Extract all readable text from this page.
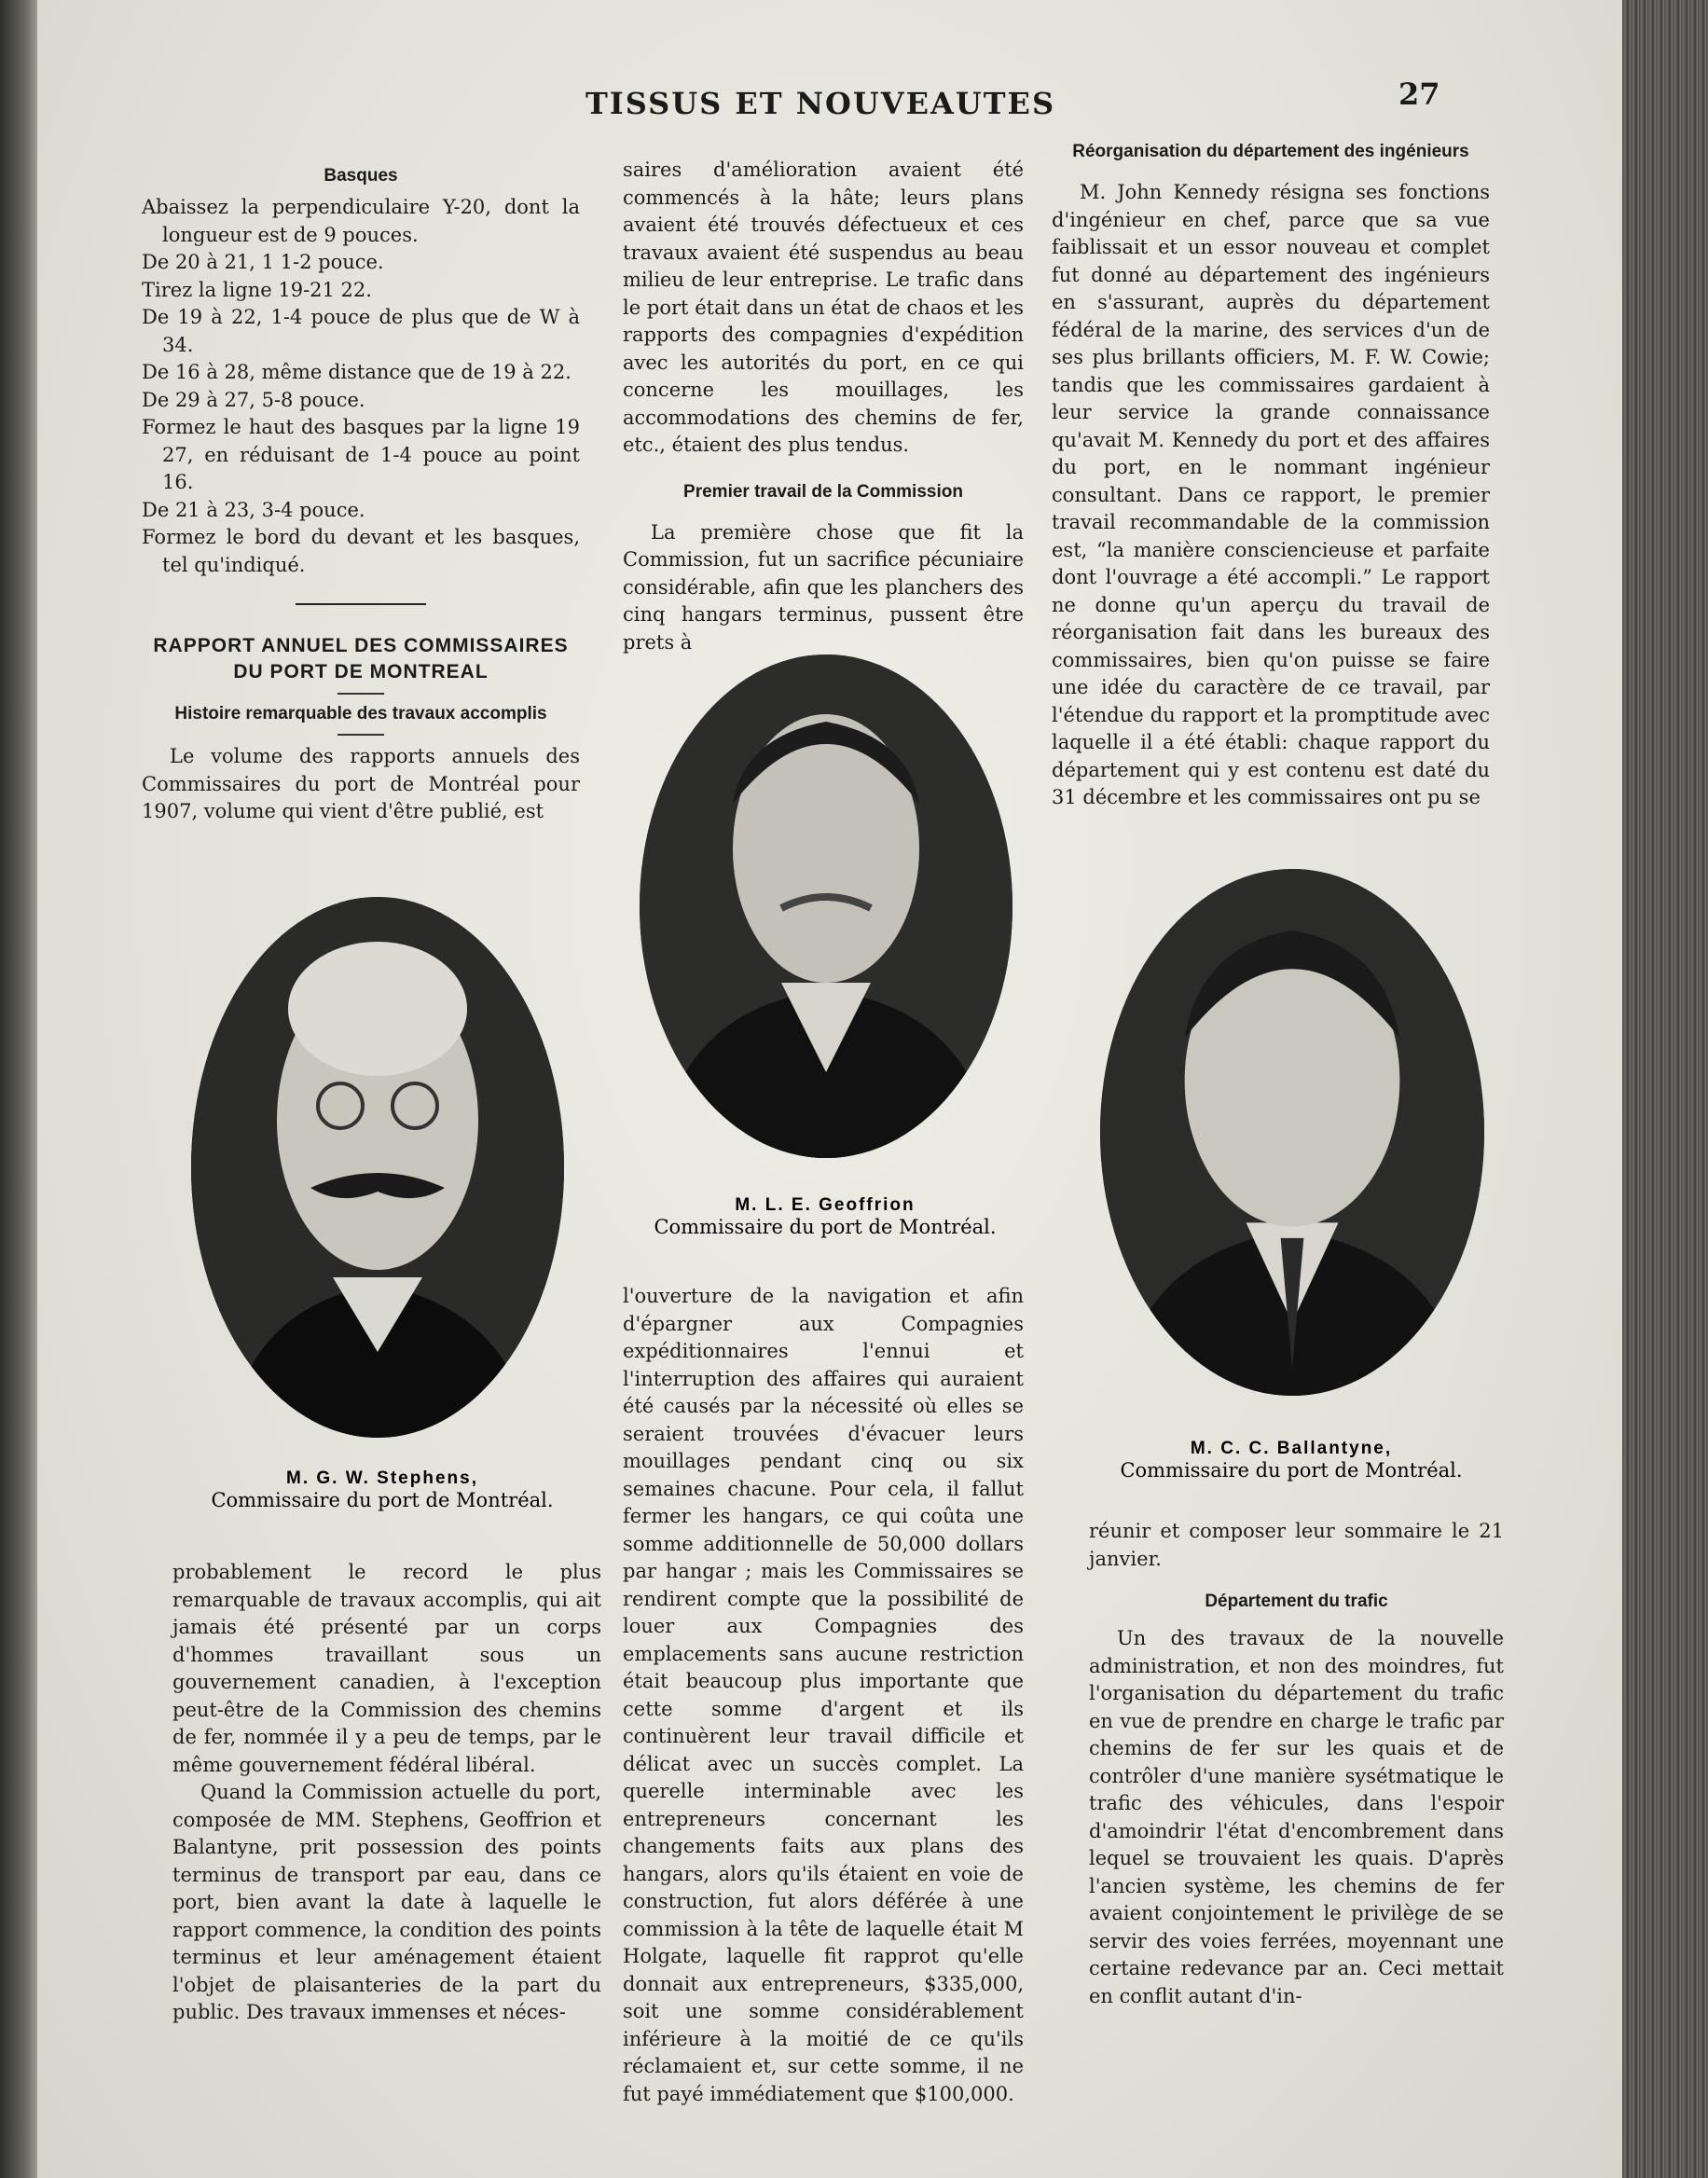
TISSUS ET NOUVEAUTES	27
Basques

Abaissez la perpendiculaire Y-20, dont la longueur est de 9 pouces.

De 20 à 21, 1 1-2 pouce.

Tirez la ligne 19-21 22.

De 19 à 22, 1-4 pouce de plus que de W à 34.

De 16 à 28, même distance que de 19 à 22.

De 29 à 27, 5-8 pouce.

Formez le haut des basques par la ligne 19 27, en réduisant de 1-4 pouce au point 16.

De 21 à 23, 3-4 pouce.

Formez le bord du devant et les basques, tel qu'indiqué.

RAPPORT ANNUEL DES COMMISSAIRES DU PORT DE MONTREAL
Histoire remarquable des travaux accomplis

Le volume des rapports annuels des Commissaires du port de Montréal pour 1907, volume qui vient d'être publié, est

saires d'amélioration avaient été commencés à la hâte; leurs plans avaient été trouvés défectueux et ces travaux avaient été suspendus au beau milieu de leur entreprise. Le trafic dans le port était dans un état de chaos et les rapports des compagnies d'expédition avec les autorités du port, en ce qui concerne les mouillages, les accommodations des chemins de fer, etc., étaient des plus tendus.

Premier travail de la Commission

La première chose que fit la Commission, fut un sacrifice pécuniaire considérable, afin que les planchers des cinq hangars terminus, pussent être prets à

Réorganisation du département des ingénieurs

M. John Kennedy résigna ses fonctions d'ingénieur en chef, parce que sa vue faiblissait et un essor nouveau et complet fut donné au département des ingénieurs en s'assurant, auprès du département fédéral de la marine, des services d'un de ses plus brillants officiers, M. F. W. Cowie; tandis que les commissaires gardaient à leur service la grande connaissance qu'avait M. Kennedy du port et des affaires du port, en le nommant ingénieur consultant. Dans ce rapport, le premier travail recommandable de la commission est, “la manière consciencieuse et parfaite dont l'ouvrage a été accompli.” Le rapport ne donne qu'un aperçu du travail de réorganisation fait dans les bureaux des commissaires, bien qu'on puisse se faire une idée du caractère de ce travail, par l'étendue du rapport et la promptitude avec laquelle il a été établi: chaque rapport du département qui y est contenu est daté du 31 décembre et les commissaires ont pu se

M. G. W. Stephens,
Commissaire du port de Montréal.
M. L. E. Geoffrion
Commissaire du port de Montréal.
M. C. C. Ballantyne,
Commissaire du port de Montréal.

probablement le record le plus remarquable de travaux accomplis, qui ait jamais été présenté par un corps d'hommes travaillant sous un gouvernement canadien, à l'exception peut-être de la Commission des chemins de fer, nommée il y a peu de temps, par le même gouvernement fédéral libéral.

Quand la Commission actuelle du port, composée de MM. Stephens, Geoffrion et Balantyne, prit possession des points terminus de transport par eau, dans ce port, bien avant la date à laquelle le rapport commence, la condition des points terminus et leur aménagement étaient l'objet de plaisanteries de la part du public. Des travaux immenses et néces-

l'ouverture de la navigation et afin d'épargner aux Compagnies expéditionnaires l'ennui et l'interruption des affaires qui auraient été causés par la nécessité où elles se seraient trouvées d'évacuer leurs mouillages pendant cinq ou six semaines chacune. Pour cela, il fallut fermer les hangars, ce qui coûta une somme additionnelle de 50,000 dollars par hangar ; mais les Commissaires se rendirent compte que la possibilité de louer aux Compagnies des emplacements sans aucune restriction était beaucoup plus importante que cette somme d'argent et ils continuèrent leur travail difficile et délicat avec un succès complet. La querelle interminable avec les entrepreneurs concernant les changements faits aux plans des hangars, alors qu'ils étaient en voie de construction, fut alors déférée à une commission à la tête de laquelle était M Holgate, laquelle fit rapprot qu'elle donnait aux entrepreneurs, $335,000, soit une somme considérablement inférieure à la moitié de ce qu'ils réclamaient et, sur cette somme, il ne fut payé immédiatement que $100,000.

réunir et composer leur sommaire le 21 janvier.

Département du trafic

Un des travaux de la nouvelle administration, et non des moindres, fut l'organisation du département du trafic en vue de prendre en charge le trafic par chemins de fer sur les quais et de contrôler d'une manière sysétmatique le trafic des véhicules, dans l'espoir d'amoindrir l'état d'encombrement dans lequel se trouvaient les quais. D'après l'ancien système, les chemins de fer avaient conjointement le privilège de se servir des voies ferrées, moyennant une certaine redevance par an. Ceci mettait en conflit autant d'in-
